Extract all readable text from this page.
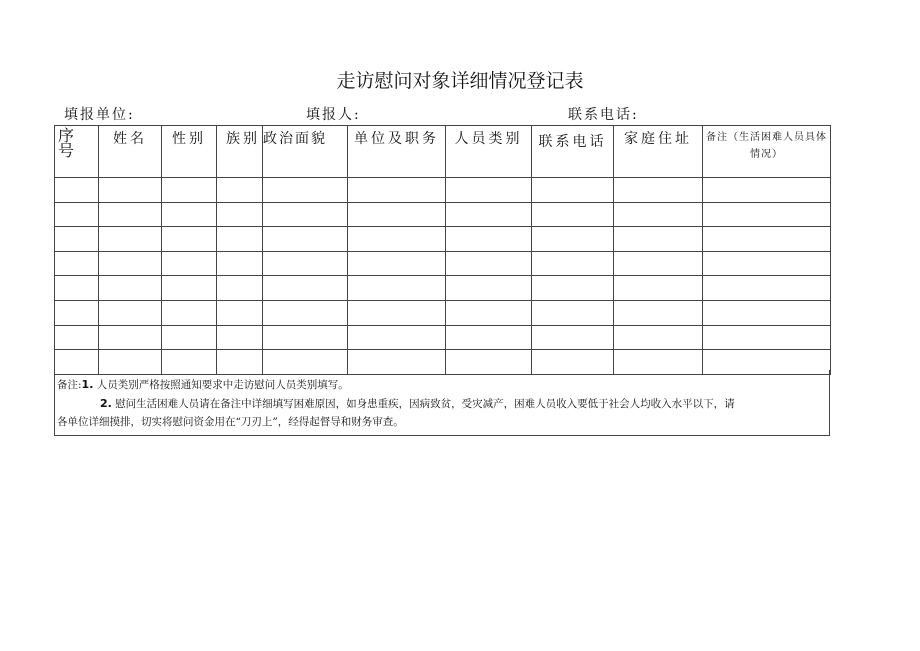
走访慰问对象详细情况登记表
填报单位:	填报人:	联系电话:
序
号	姓名	性别	族别	政治面貌	单位及职务	人员类别	联系电话	家庭住址	备注（生活困难人员具体情况）

备注:1. 人员类别严格按照通知要求中走访慰问人员类别填写。
2. 慰问生活困难人员请在备注中详细填写困难原因，如身患重疾，因病致贫，受灾减产，困难人员收入要低于社会人均收入水平以下，请
各单位详细摸排，切实将慰问资金用在“刀刃上”，经得起督导和财务审查。
